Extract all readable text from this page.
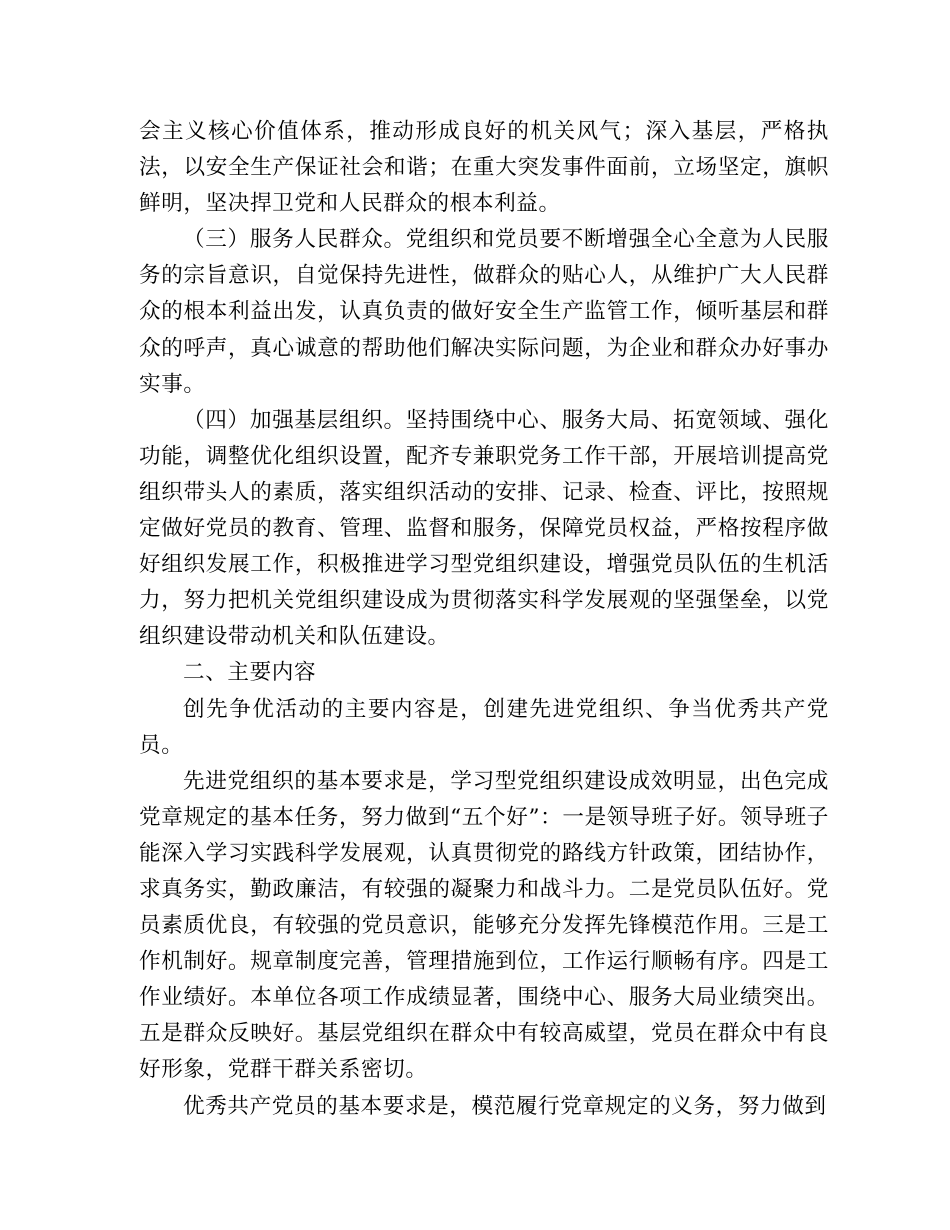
会主义核心价值体系，推动形成良好的机关风气；深入基层，严格执法，以安全生产保证社会和谐；在重大突发事件面前，立场坚定，旗帜鲜明，坚决捍卫党和人民群众的根本利益。

（三）服务人民群众。党组织和党员要不断增强全心全意为人民服务的宗旨意识，自觉保持先进性，做群众的贴心人，从维护广大人民群众的根本利益出发，认真负责的做好安全生产监管工作，倾听基层和群众的呼声，真心诚意的帮助他们解决实际问题，为企业和群众办好事办实事。

（四）加强基层组织。坚持围绕中心、服务大局、拓宽领域、强化功能，调整优化组织设置，配齐专兼职党务工作干部，开展培训提高党组织带头人的素质，落实组织活动的安排、记录、检查、评比，按照规定做好党员的教育、管理、监督和服务，保障党员权益，严格按程序做好组织发展工作，积极推进学习型党组织建设，增强党员队伍的生机活力，努力把机关党组织建设成为贯彻落实科学发展观的坚强堡垒，以党组织建设带动机关和队伍建设。

二、主要内容

创先争优活动的主要内容是，创建先进党组织、争当优秀共产党员。

先进党组织的基本要求是，学习型党组织建设成效明显，出色完成党章规定的基本任务，努力做到“五个好”：一是领导班子好。领导班子能深入学习实践科学发展观，认真贯彻党的路线方针政策，团结协作，求真务实，勤政廉洁，有较强的凝聚力和战斗力。二是党员队伍好。党员素质优良，有较强的党员意识，能够充分发挥先锋模范作用。三是工作机制好。规章制度完善，管理措施到位，工作运行顺畅有序。四是工作业绩好。本单位各项工作成绩显著，围绕中心、服务大局业绩突出。五是群众反映好。基层党组织在群众中有较高威望，党员在群众中有良好形象，党群干群关系密切。

优秀共产党员的基本要求是，模范履行党章规定的义务，努力做到
